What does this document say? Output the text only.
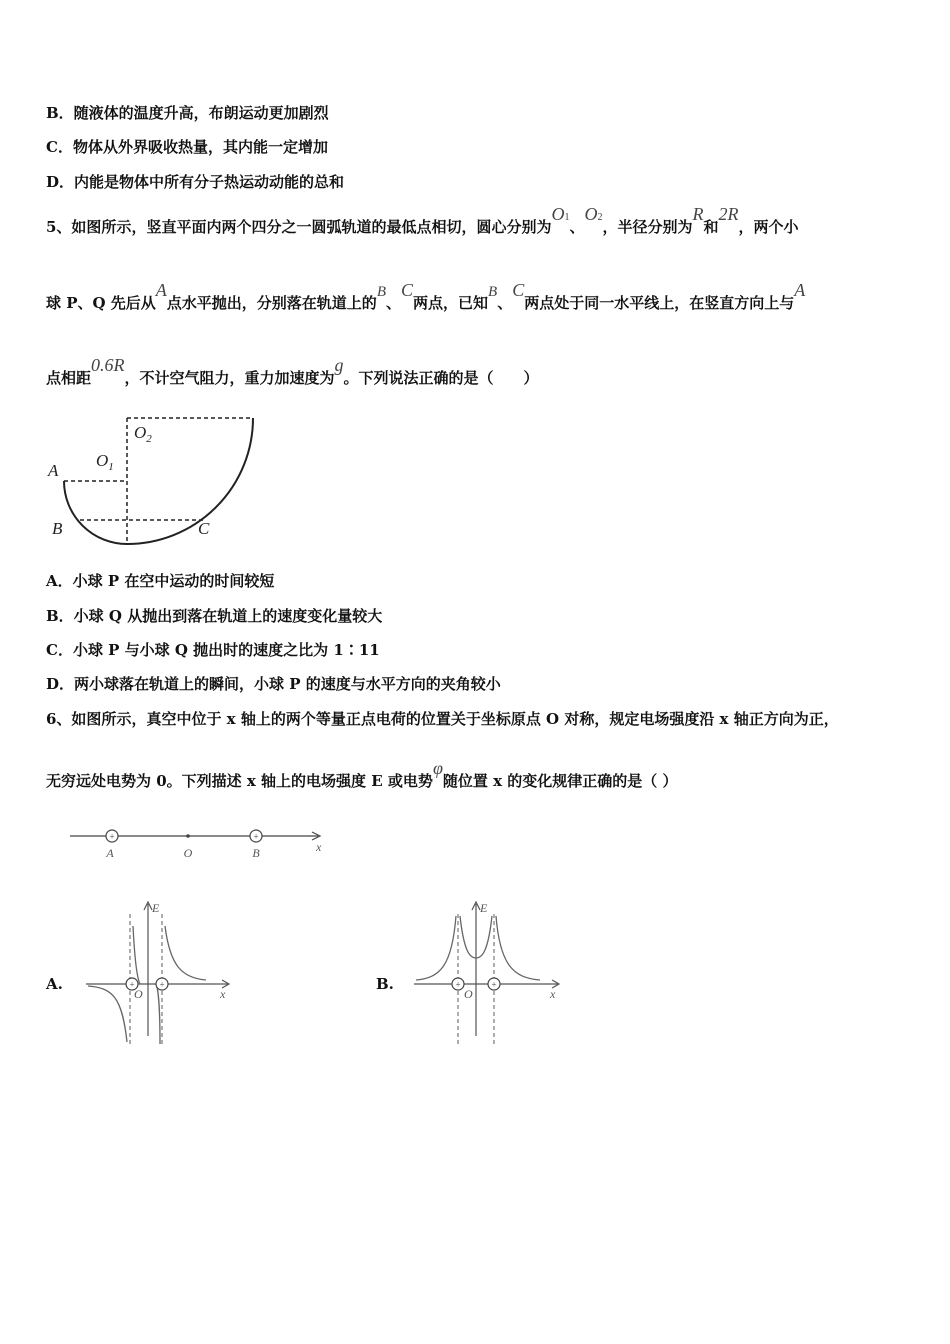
B．随液体的温度升高，布朗运动更加剧烈
C．物体从外界吸收热量，其内能一定增加
D．内能是物体中所有分子热运动动能的总和
5、如图所示，竖直平面内两个四分之一圆弧轨道的最低点相切，圆心分别为O1、O2，半径分别为R和2R，两个小
球 P、Q 先后从A点水平抛出，分别落在轨道上的B、C两点，已知B、C两点处于同一水平线上，在竖直方向上与A
点相距0.6R，不计空气阻力，重力加速度为g。下列说法正确的是（　　）
$O_2$
$O_1$
A
B	C
A．小球 P 在空中运动的时间较短
B．小球 Q 从抛出到落在轨道上的速度变化量较大
C．小球 P 与小球 Q 抛出时的速度之比为 1∶11
D．两小球落在轨道上的瞬间，小球 P 的速度与水平方向的夹角较小
6、如图所示，真空中位于 x 轴上的两个等量正点电荷的位置关于坐标原点 O 对称，规定电场强度沿 x 轴正方向为正，
无穷远处电势为 0。下列描述 x 轴上的电场强度 E 或电势φ随位置 x 的变化规律正确的是（ ）
+	+
A	O	B	x
A.	+	+
E
O	x
B.	+	+
E
O	x
